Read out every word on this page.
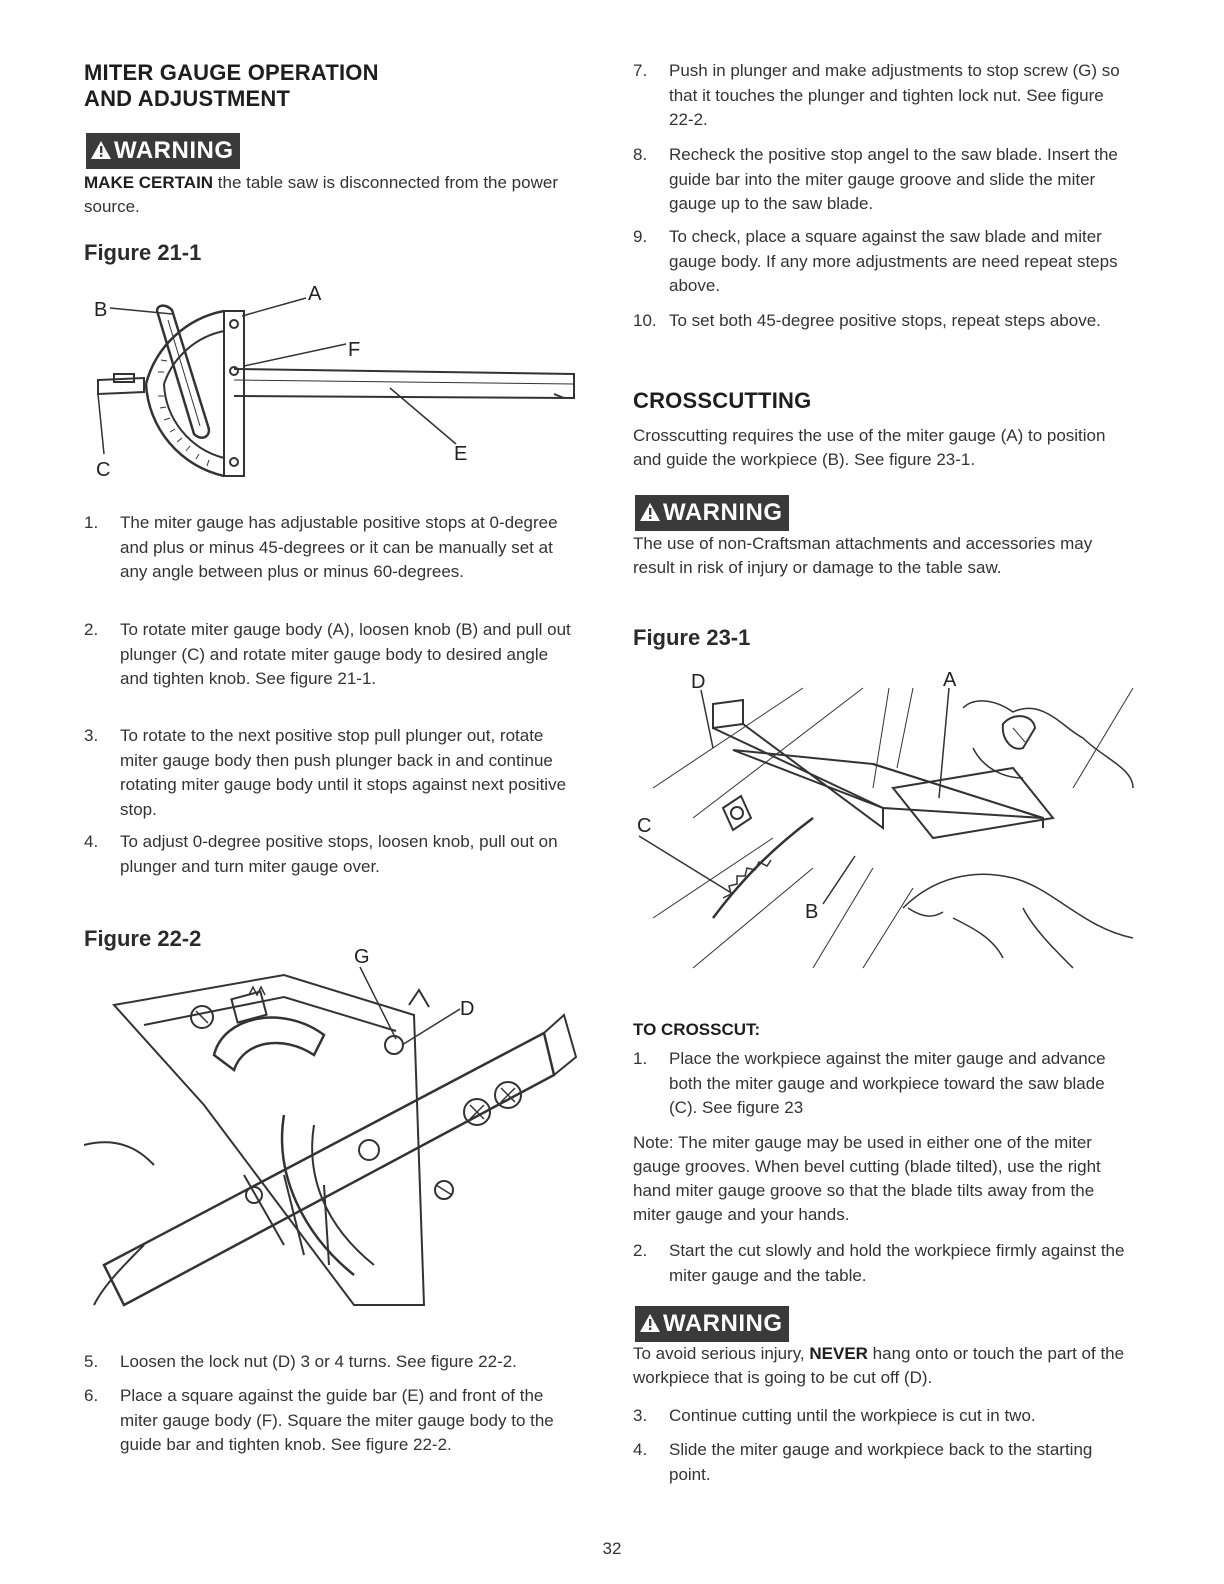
MITER GAUGE OPERATION
AND ADJUSTMENT
WARNING
MAKE CERTAIN the table saw is disconnected from the power source.
Figure 21-1
B
A
F
E
C
1.	The miter gauge has adjustable positive stops at 0-degree and plus or minus 45-degrees or it can be manually set at any angle between plus or minus 60-degrees.
2.	To rotate miter gauge body (A), loosen knob (B) and pull out plunger (C) and rotate miter gauge body to desired angle and tighten knob. See figure 21-1.
3.	To rotate to the next positive stop pull plunger out, rotate miter gauge body then push plunger back in and continue rotating miter gauge body until it stops against next positive stop.
4.	To adjust 0-degree positive stops, loosen knob, pull out on plunger and turn miter gauge over.
Figure 22-2
G
D
5.	Loosen the lock nut (D) 3 or 4 turns. See figure 22-2.
6.	Place a square against the guide bar (E) and front of the miter gauge body (F). Square the miter gauge body to the guide bar and tighten knob. See figure 22-2.
7.	Push in plunger and make adjustments to stop screw (G) so that it touches the plunger and tighten lock nut. See figure 22-2.
8.	Recheck the positive stop angel to the saw blade. Insert the guide bar into the miter gauge groove and slide the miter gauge up to the saw blade.
9.	To check, place a square against the saw blade and miter gauge body. If any more adjustments are need repeat steps above.
10. To set both 45-degree positive stops, repeat steps above.
CROSSCUTTING
Crosscutting requires the use of the miter gauge (A) to position and guide the workpiece (B). See figure 23-1.
WARNING
The use of non-Craftsman attachments and accessories may result in risk of injury or damage to the table saw.
Figure 23-1
D	A
C
B
TO CROSSCUT:
1.	Place the workpiece against the miter gauge and advance both the miter gauge and workpiece toward the saw blade (C). See figure 23
Note: The miter gauge may be used in either one of the miter gauge grooves. When bevel cutting (blade tilted), use the right hand miter gauge groove so that the blade tilts away from the miter gauge and your hands.
2.	Start the cut slowly and hold the workpiece firmly against the miter gauge and the table.
WARNING
To avoid serious injury, NEVER hang onto or touch the part of the workpiece that is going to be cut off (D).
3.	Continue cutting until the workpiece is cut in two.
4.	Slide the miter gauge and workpiece back to the starting point.
32
